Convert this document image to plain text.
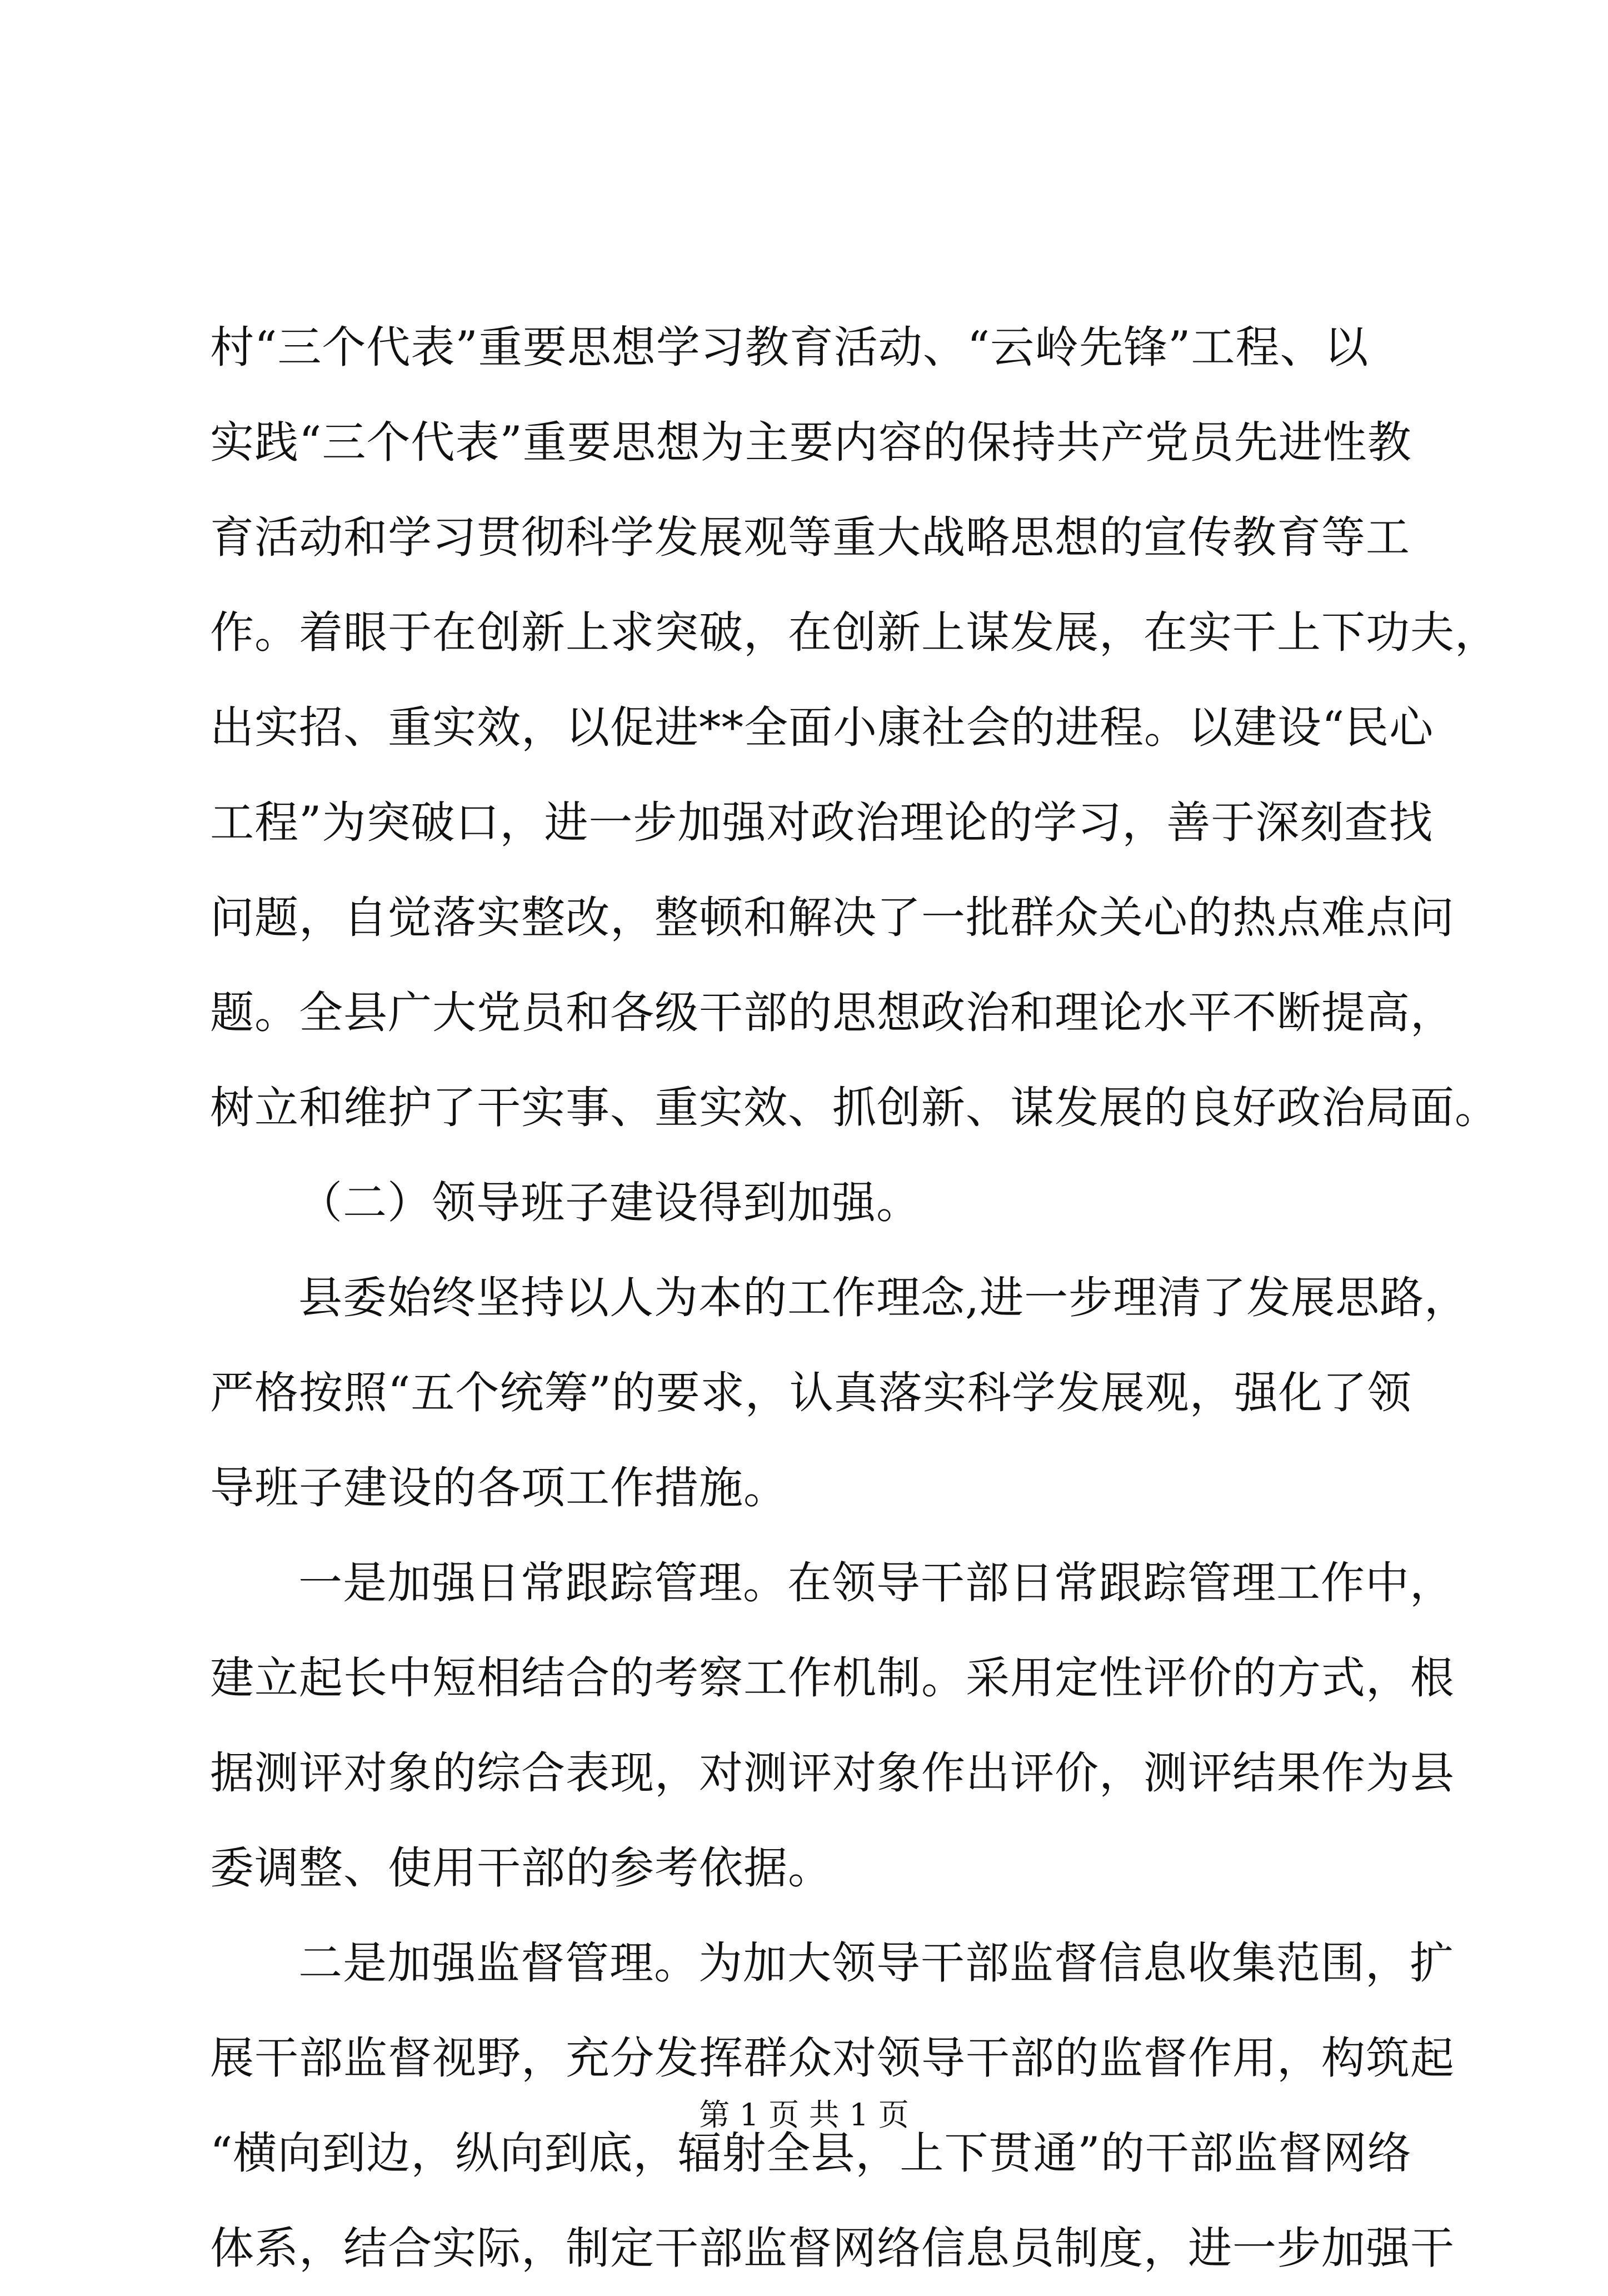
村“三个代表”重要思想学习教育活动、“云岭先锋”工程、以
实践“三个代表”重要思想为主要内容的保持共产党员先进性教
育活动和学习贯彻科学发展观等重大战略思想的宣传教育等工
作。着眼于在创新上求突破，在创新上谋发展，在实干上下功夫，
出实招、重实效，以促进**全面小康社会的进程。以建设“民心
工程”为突破口，进一步加强对政治理论的学习，善于深刻查找
问题，自觉落实整改，整顿和解决了一批群众关心的热点难点问
题。全县广大党员和各级干部的思想政治和理论水平不断提高，
树立和维护了干实事、重实效、抓创新、谋发展的良好政治局面。
（二）领导班子建设得到加强。
县委始终坚持以人为本的工作理念,进一步理清了发展思路，
严格按照“五个统筹”的要求，认真落实科学发展观，强化了领
导班子建设的各项工作措施。
一是加强日常跟踪管理。在领导干部日常跟踪管理工作中，
建立起长中短相结合的考察工作机制。采用定性评价的方式，根
据测评对象的综合表现，对测评对象作出评价，测评结果作为县
委调整、使用干部的参考依据。
二是加强监督管理。为加大领导干部监督信息收集范围，扩
展干部监督视野，充分发挥群众对领导干部的监督作用，构筑起
“横向到边，纵向到底，辐射全县，上下贯通”的干部监督网络
体系，结合实际，制定干部监督网络信息员制度，进一步加强干
第 1 页 共 1 页
